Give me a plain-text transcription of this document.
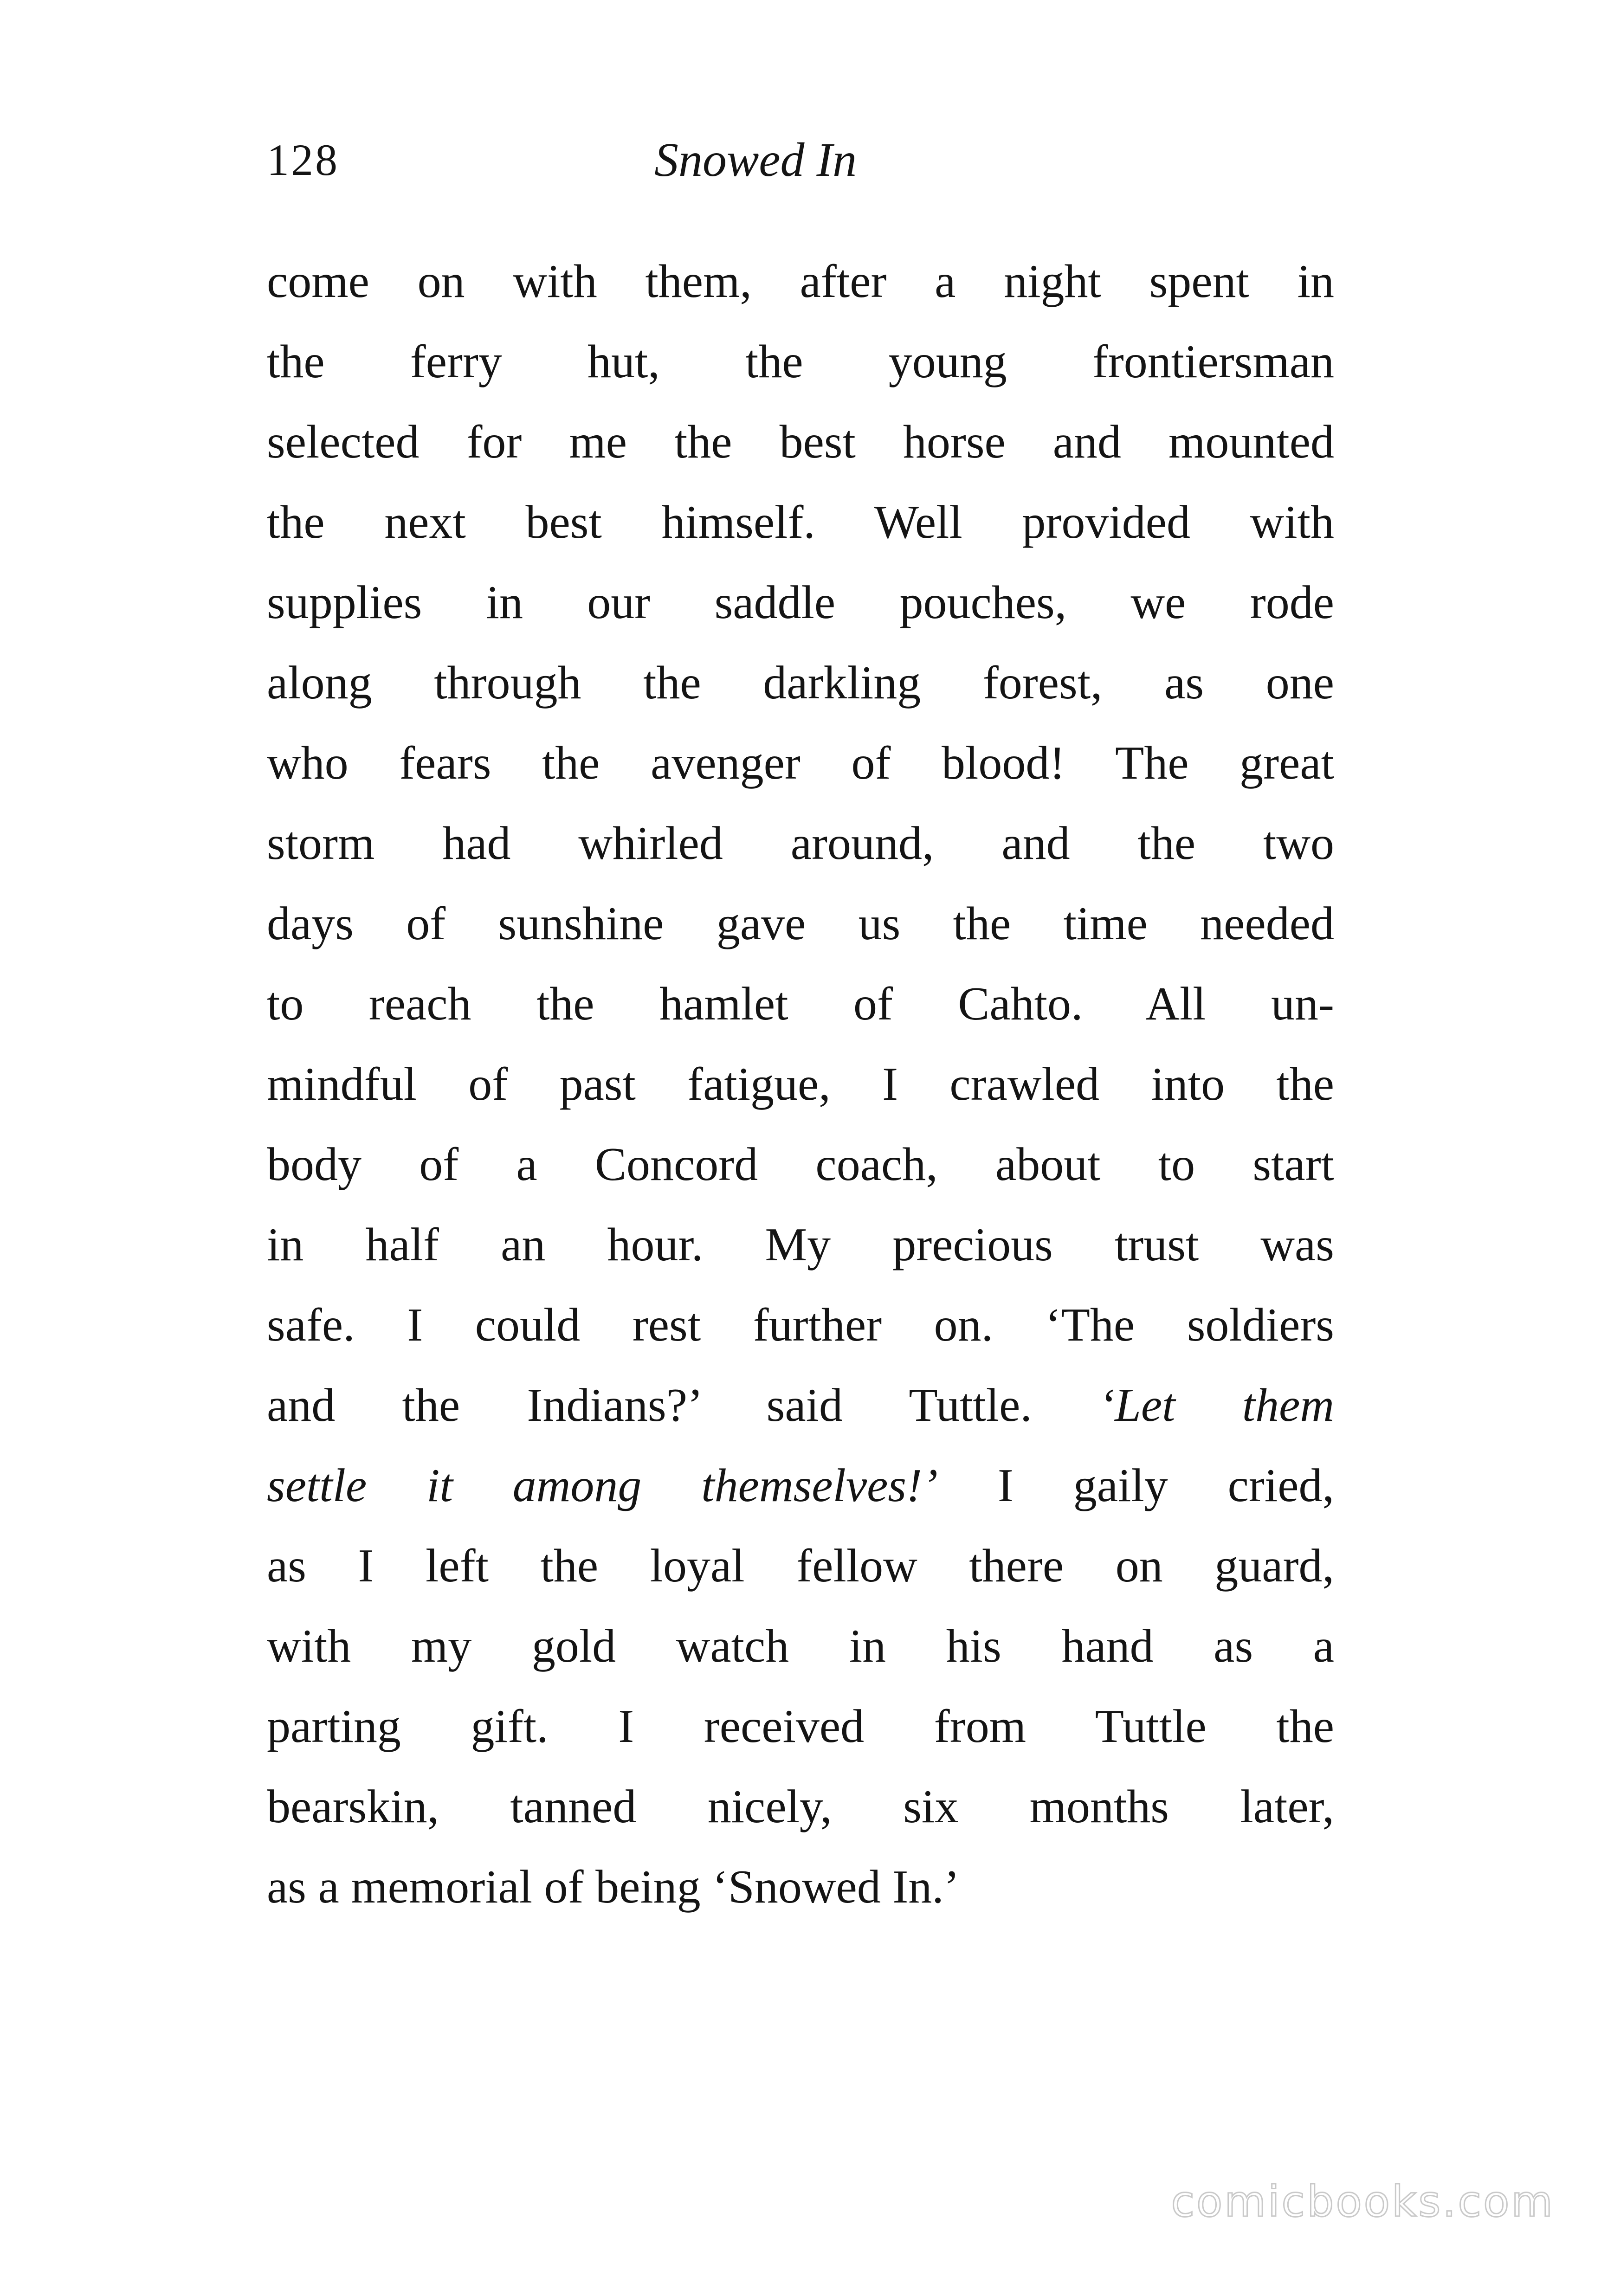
128	Snowed In
come on with them, after a night spent in
the ferry hut, the young frontiersman
selected for me the best horse and mounted
the next best himself. Well provided with
supplies in our saddle pouches, we rode
along through the darkling forest, as one
who fears the avenger of blood! The great
storm had whirled around, and the two
days of sunshine gave us the time needed
to reach the hamlet of Cahto. All un-
mindful of past fatigue, I crawled into the
body of a Concord coach, about to start
in half an hour. My precious trust was
safe. I could rest further on. ‘The soldiers
and the Indians?’ said Tuttle. ‘Let them
settle it among themselves!’ I gaily cried,
as I left the loyal fellow there on guard,
with my gold watch in his hand as a
parting gift. I received from Tuttle the
bearskin, tanned nicely, six months later,
as a memorial of being ‘Snowed In.’
comicbooks.com
